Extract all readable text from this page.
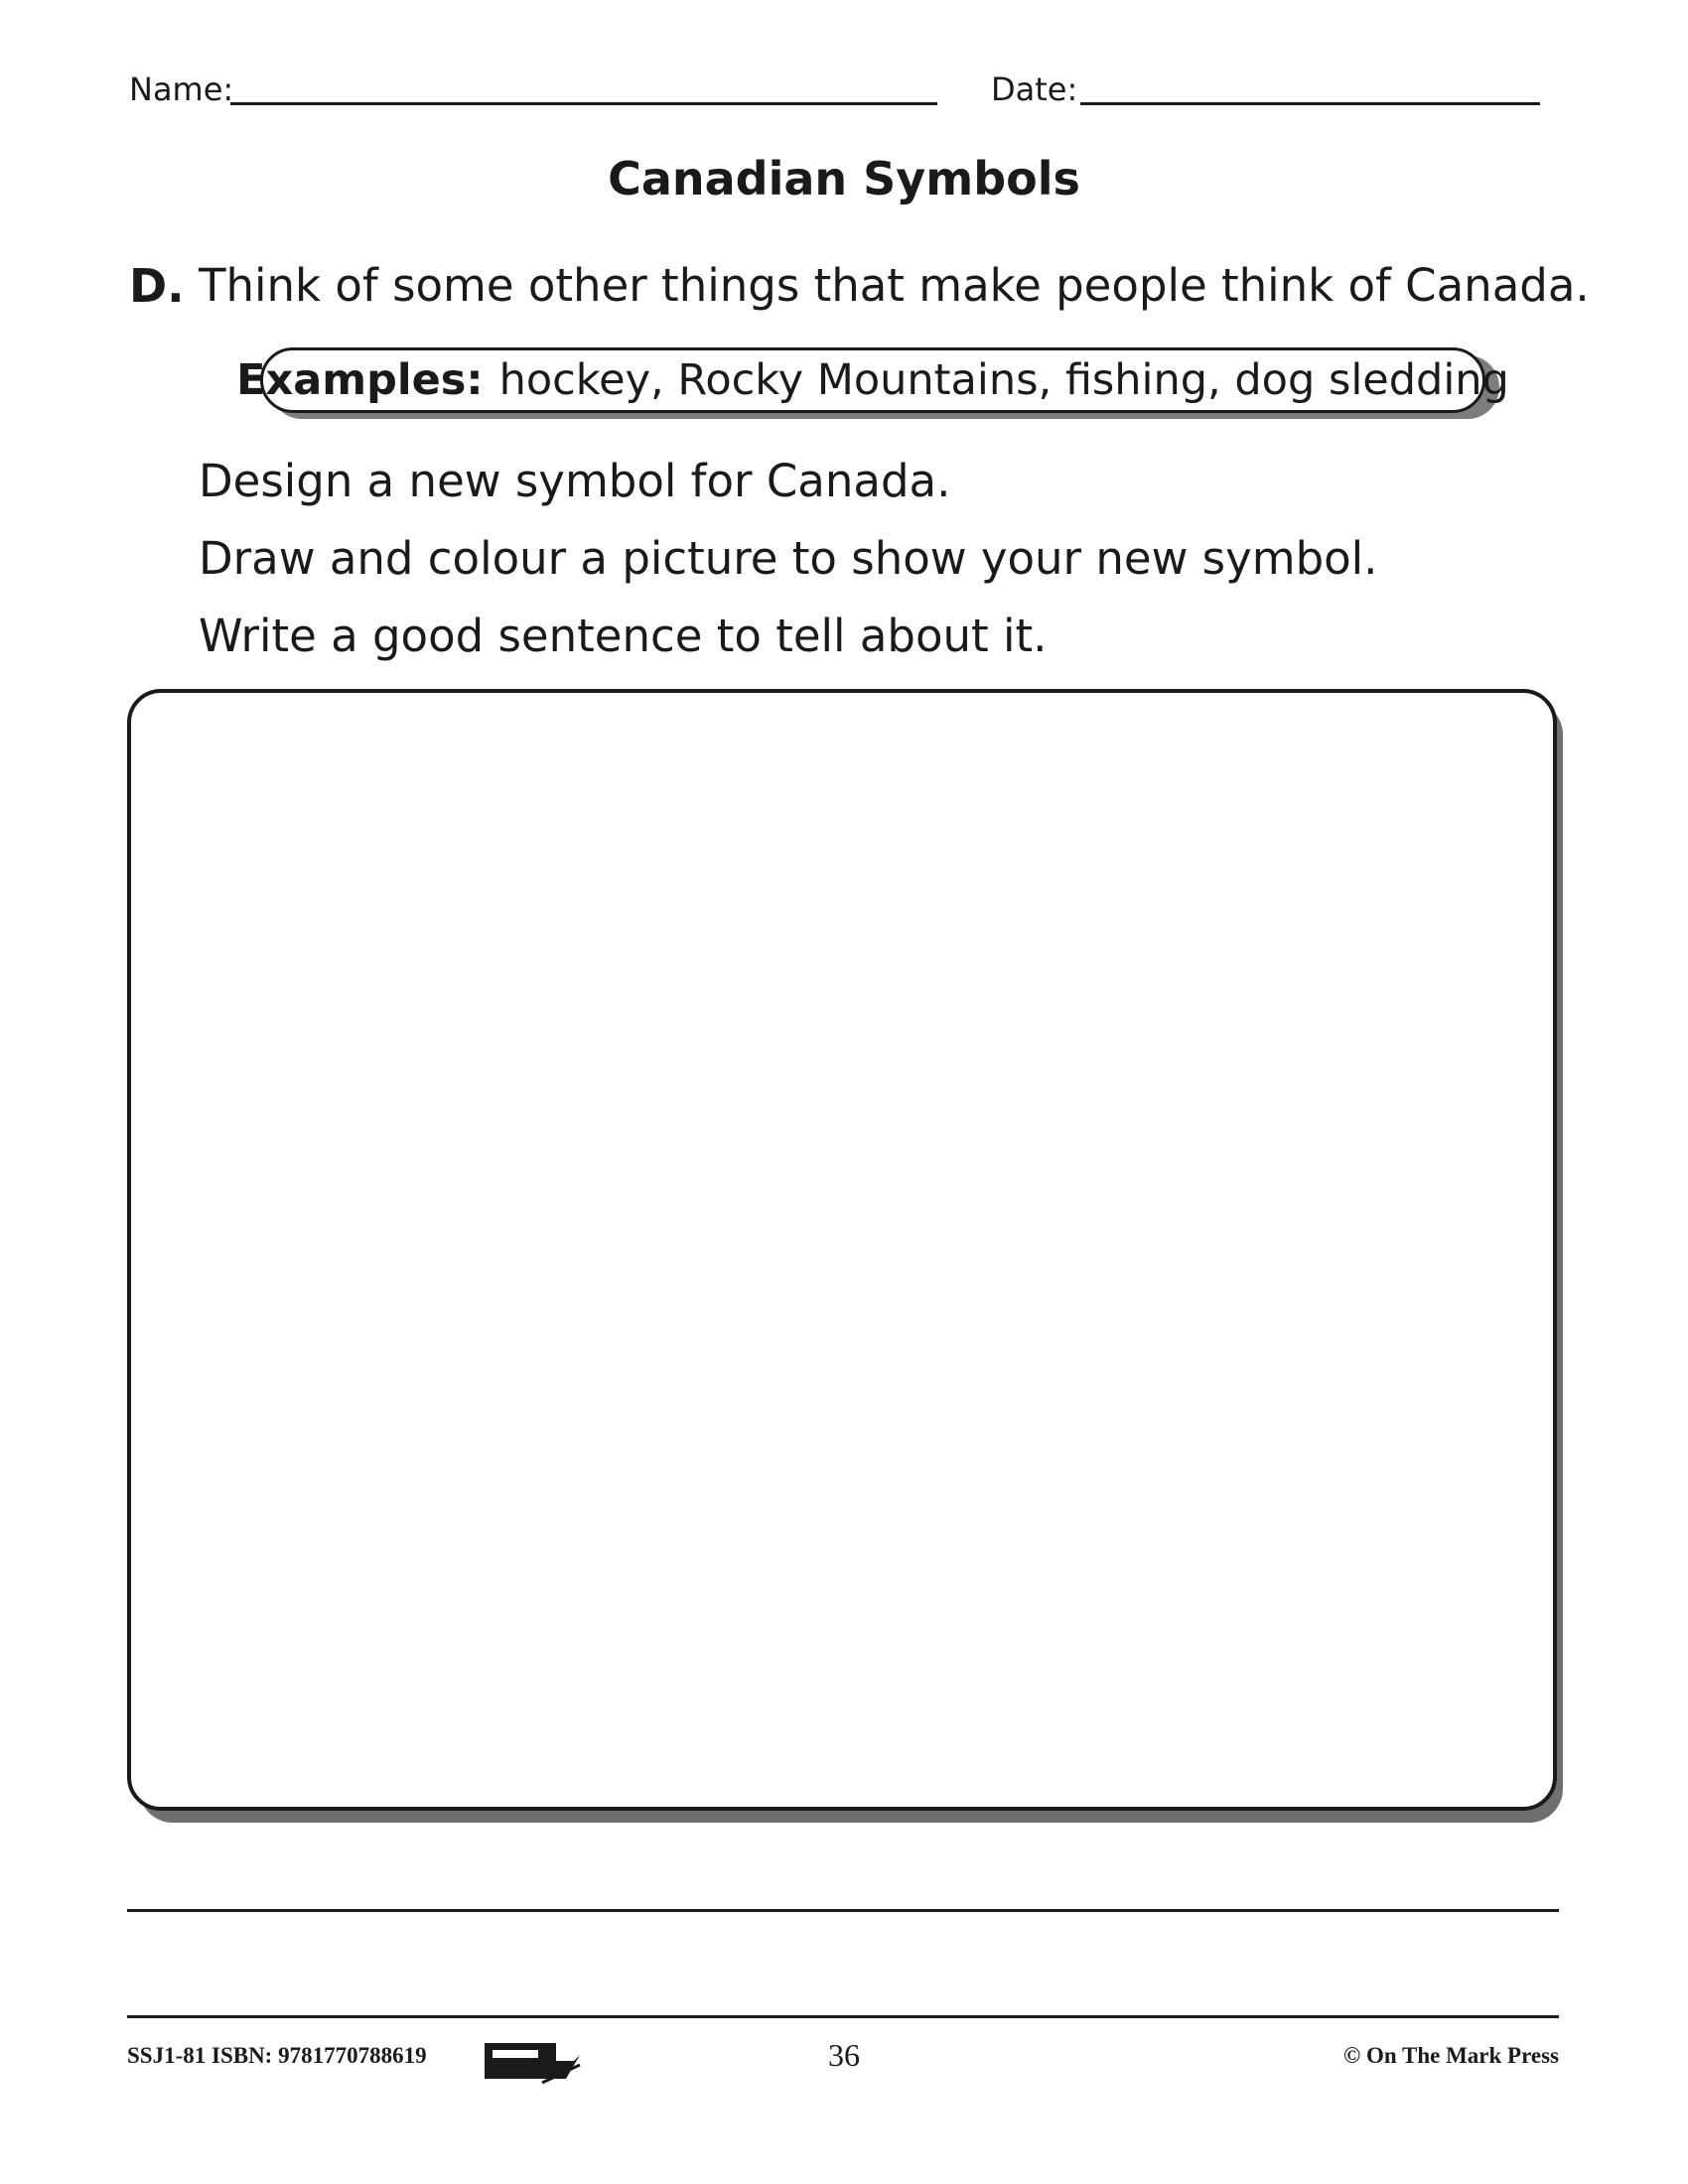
Name:	Date:
Canadian Symbols
D. Think of some other things that make people think of Canada.
Examples: hockey, Rocky Mountains, fishing, dog sledding
Design a new symbol for Canada.
Draw and colour a picture to show your new symbol.
Write a good sentence to tell about it.
SSJ1-81 ISBN: 9781770788619	36	© On The Mark Press
